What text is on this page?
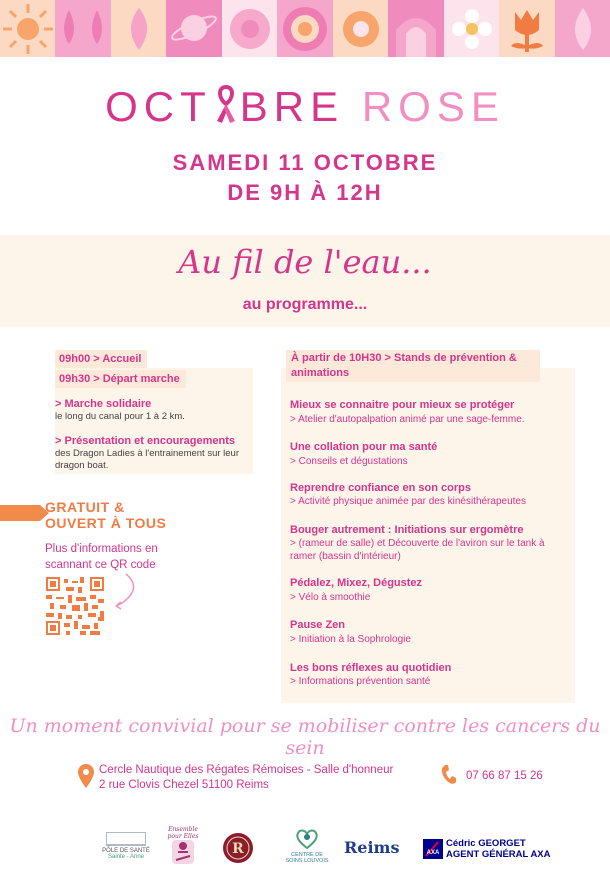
OCT BRE ROSE
SAMEDI 11 OCTOBRE
DE 9H À 12H
Au fil de l'eau...
au programme...
09h00 > Accueil
09h30 > Départ marche
> Marche solidaire
le long du canal pour 1 à 2 km.
> Présentation et encouragements
des Dragon Ladies à l'entrainement sur leur dragon boat.
GRATUIT &
OUVERT À TOUS
Plus d'informations en scannant ce QR code
À partir de 10H30 > Stands de prévention & animations
Mieux se connaitre pour mieux se protéger
> Atelier d'autopalpation animé par une sage-femme.
Une collation pour ma santé
> Conseils et dégustations
Reprendre confiance en son corps
> Activité physique animée par des kinésithérapeutes
Bouger autrement : Initiations sur ergomètre
> (rameur de salle) et Découverte de l'aviron sur le tank à ramer (bassin d'intérieur)
Pédalez, Mixez, Dégustez
> Vélo à smoothie
Pause Zen
> Initiation à la Sophrologie
Les bons réflexes au quotidien
> Informations prévention santé
Un moment convivial pour se mobiliser contre les cancers du sein
Cercle Nautique des Régates Rémoises - Salle d'honneur
2 rue Clovis Chezel 51100 Reims
07 66 87 15 26
PÔLE DE SANTÉ
Sainte - Anne
Ensemble pour Elles
R	CENTRE DE SOINS LOUVOIS
Reims	AXA
Cédric GEORGET
AGENT GÉNÉRAL AXA
